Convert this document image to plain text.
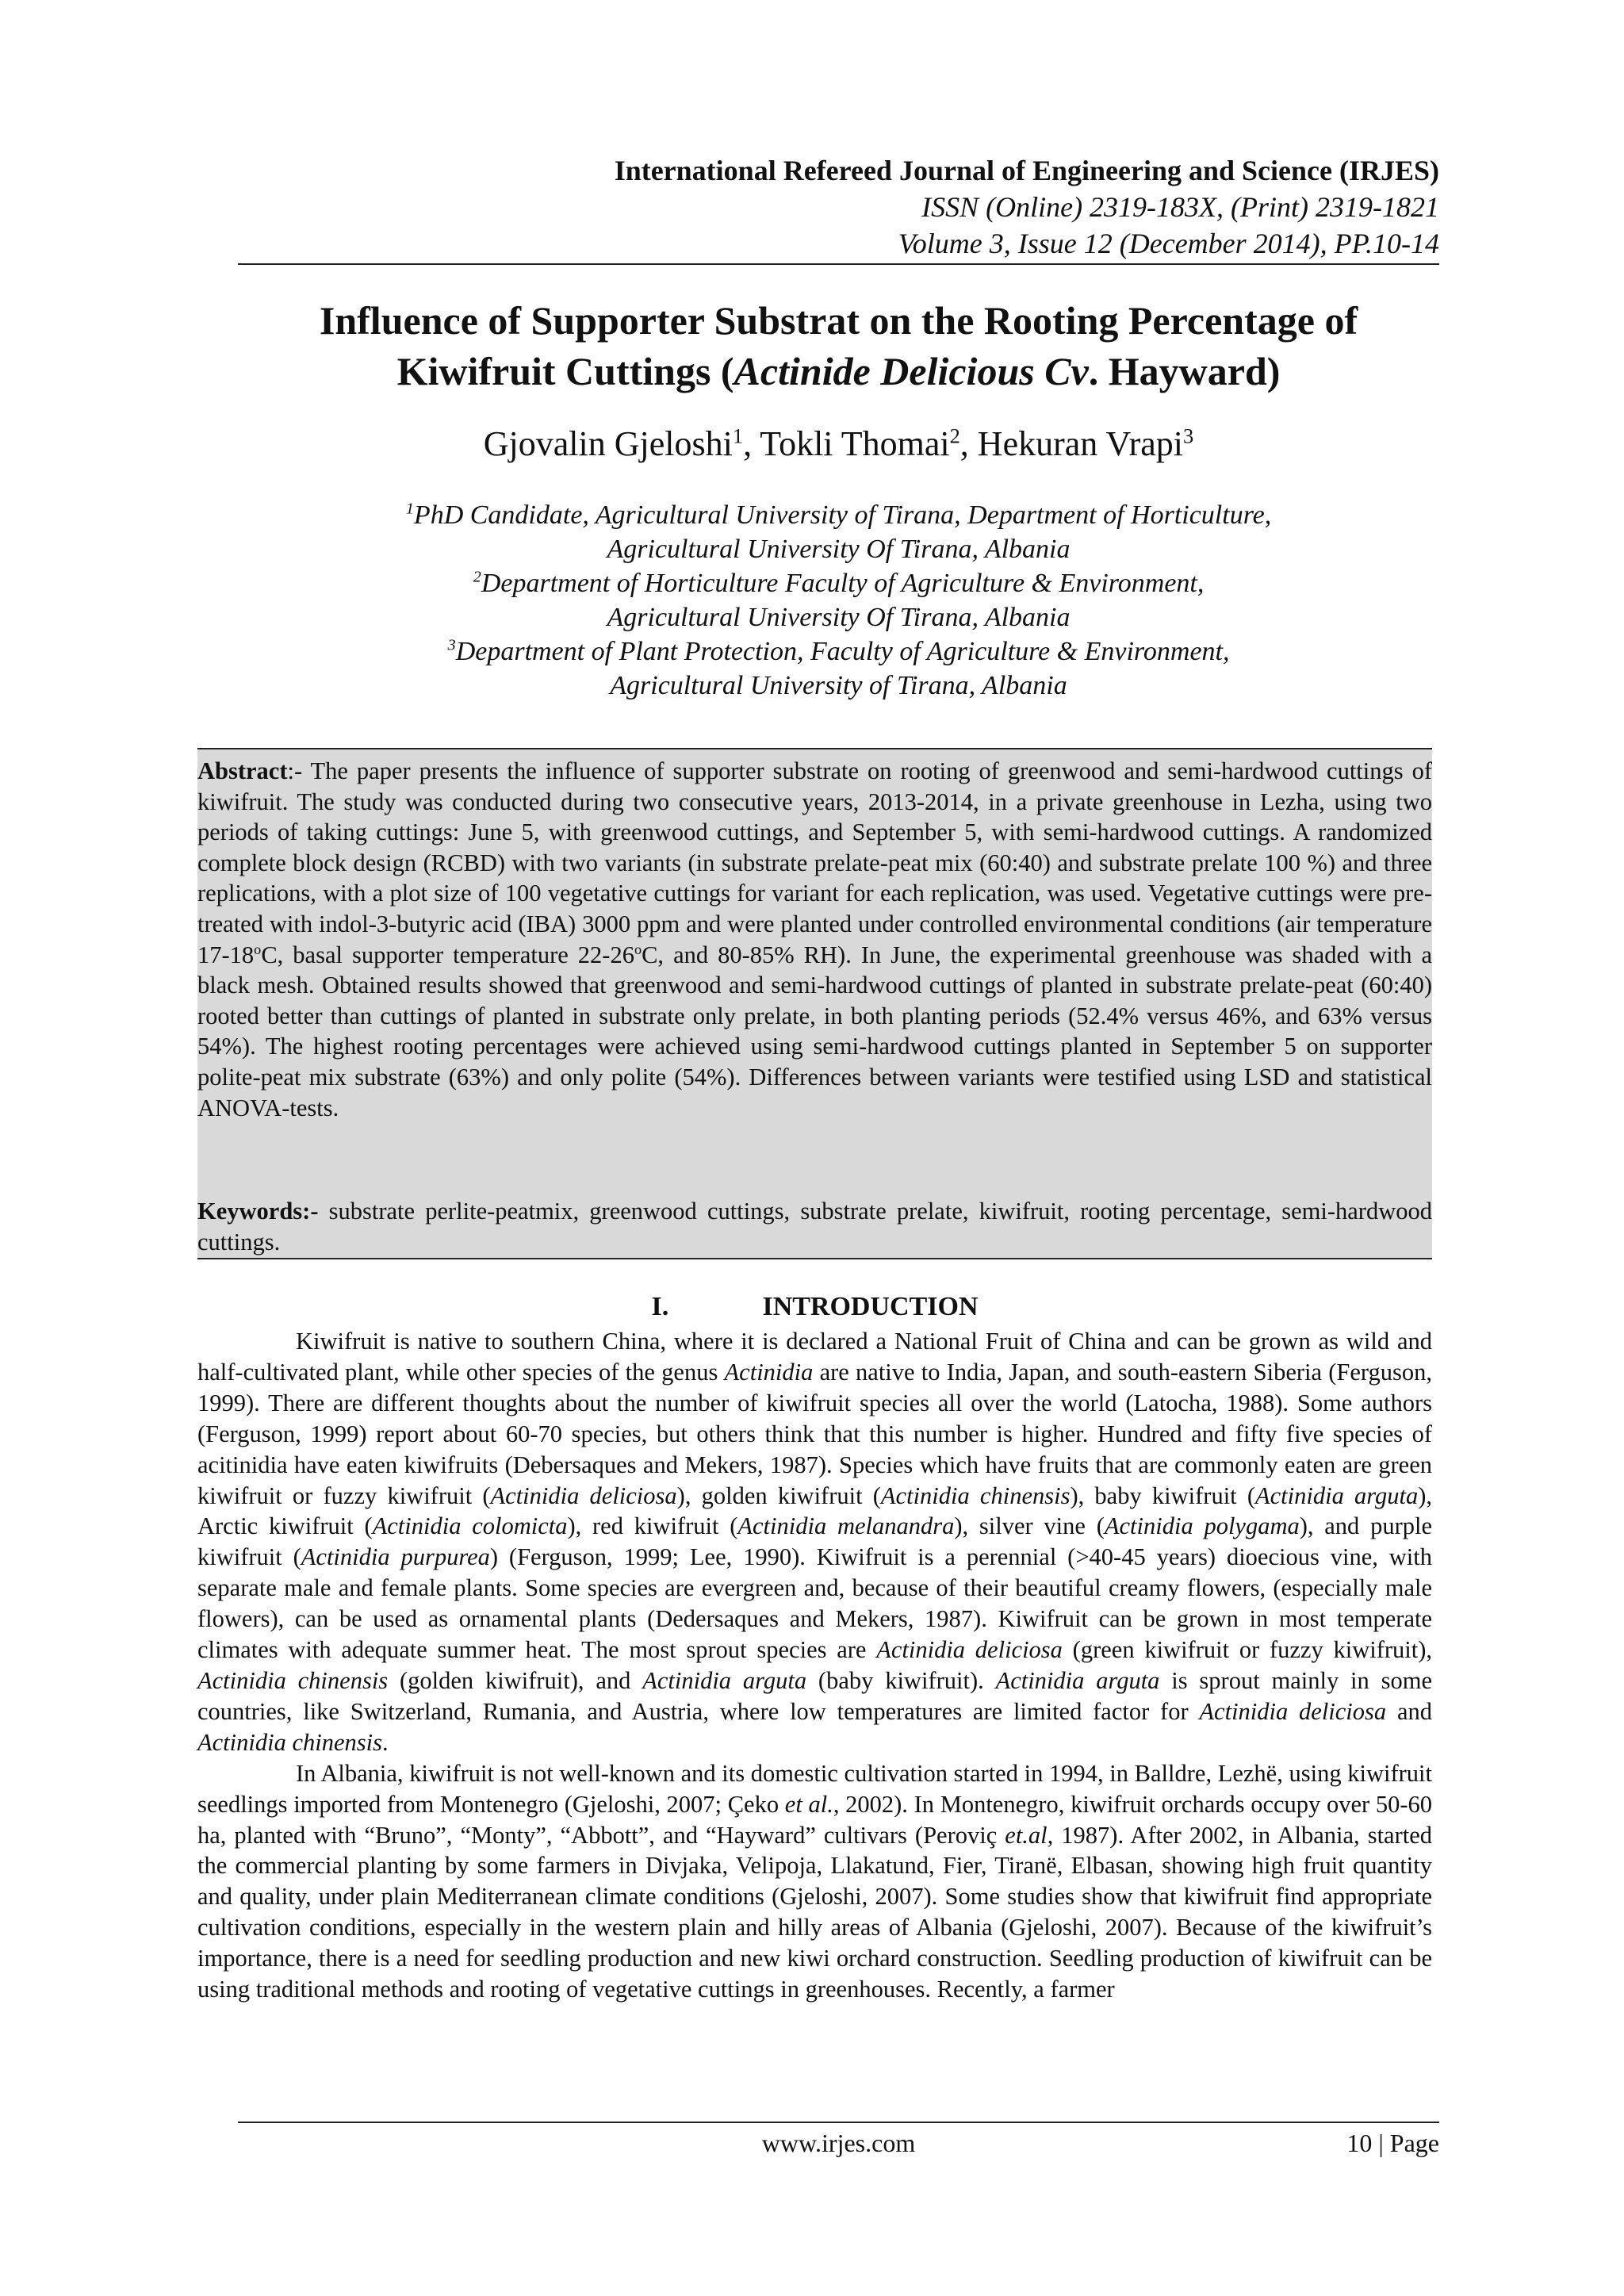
International Refereed Journal of Engineering and Science (IRJES)
ISSN (Online) 2319-183X, (Print) 2319-1821
Volume 3, Issue 12 (December 2014), PP.10-14
Influence of Supporter Substrat on the Rooting Percentage of
Kiwifruit Cuttings (Actinide Delicious Cv. Hayward)
Gjovalin Gjeloshi$^1$, Tokli Thomai$^2$, Hekuran Vrapi$^3$
$^1$PhD Candidate, Agricultural University of Tirana, Department of Horticulture,
Agricultural University Of Tirana, Albania
$^2$Department of Horticulture Faculty of Agriculture & Environment,
Agricultural University Of Tirana, Albania
$^3$Department of Plant Protection, Faculty of Agriculture & Environment,
Agricultural University of Tirana, Albania
Abstract:- The paper presents the influence of supporter substrate on rooting of greenwood and semi-hardwood cuttings of kiwifruit. The study was conducted during two consecutive years, 2013-2014, in a private greenhouse in Lezha, using two periods of taking cuttings: June 5, with greenwood cuttings, and September 5, with semi-hardwood cuttings. A randomized complete block design (RCBD) with two variants (in substrate prelate-peat mix (60:40) and substrate prelate 100 %) and three replications, with a plot size of 100 vegetative cuttings for variant for each replication, was used. Vegetative cuttings were pre-treated with indol-3-butyric acid (IBA) 3000 ppm and were planted under controlled environmental conditions (air temperature 17-18$^o$C, basal supporter temperature 22-26$^o$C, and 80-85% RH). In June, the experimental greenhouse was shaded with a black mesh. Obtained results showed that greenwood and semi-hardwood cuttings of planted in substrate prelate-peat (60:40) rooted better than cuttings of planted in substrate only prelate, in both planting periods (52.4% versus 46%, and 63% versus 54%). The highest rooting percentages were achieved using semi-hardwood cuttings planted in September 5 on supporter polite-peat mix substrate (63%) and only polite (54%). Differences between variants were testified using LSD and statistical ANOVA-tests.
Keywords:- substrate perlite-peatmix, greenwood cuttings, substrate prelate, kiwifruit, rooting percentage, semi-hardwood cuttings.
I.	INTRODUCTION

Kiwifruit is native to southern China, where it is declared a National Fruit of China and can be grown as wild and half-cultivated plant, while other species of the genus Actinidia are native to India, Japan, and south-eastern Siberia (Ferguson, 1999). There are different thoughts about the number of kiwifruit species all over the world (Latocha, 1988). Some authors (Ferguson, 1999) report about 60-70 species, but others think that this number is higher. Hundred and fifty five species of acitinidia have eaten kiwifruits (Debersaques and Mekers, 1987). Species which have fruits that are commonly eaten are green kiwifruit or fuzzy kiwifruit (Actinidia deliciosa), golden kiwifruit (Actinidia chinensis), baby kiwifruit (Actinidia arguta), Arctic kiwifruit (Actinidia colomicta), red kiwifruit (Actinidia melanandra), silver vine (Actinidia polygama), and purple kiwifruit (Actinidia purpurea) (Ferguson, 1999; Lee, 1990). Kiwifruit is a perennial (>40-45 years) dioecious vine, with separate male and female plants. Some species are evergreen and, because of their beautiful creamy flowers, (especially male flowers), can be used as ornamental plants (Dedersaques and Mekers, 1987). Kiwifruit can be grown in most temperate climates with adequate summer heat. The most sprout species are Actinidia deliciosa (green kiwifruit or fuzzy kiwifruit), Actinidia chinensis (golden kiwifruit), and Actinidia arguta (baby kiwifruit). Actinidia arguta is sprout mainly in some countries, like Switzerland, Rumania, and Austria, where low temperatures are limited factor for Actinidia deliciosa and Actinidia chinensis.

In Albania, kiwifruit is not well-known and its domestic cultivation started in 1994, in Balldre, Lezhë, using kiwifruit seedlings imported from Montenegro (Gjeloshi, 2007; Çeko et al., 2002). In Montenegro, kiwifruit orchards occupy over 50-60 ha, planted with “Bruno”, “Monty”, “Abbott”, and “Hayward” cultivars (Peroviç et.al, 1987). After 2002, in Albania, started the commercial planting by some farmers in Divjaka, Velipoja, Llakatund, Fier, Tiranë, Elbasan, showing high fruit quantity and quality, under plain Mediterranean climate conditions (Gjeloshi, 2007). Some studies show that kiwifruit find appropriate cultivation conditions, especially in the western plain and hilly areas of Albania (Gjeloshi, 2007). Because of the kiwifruit’s importance, there is a need for seedling production and new kiwi orchard construction. Seedling production of kiwifruit can be using traditional methods and rooting of vegetative cuttings in greenhouses. Recently, a farmer

www.irjes.com	10 | Page
